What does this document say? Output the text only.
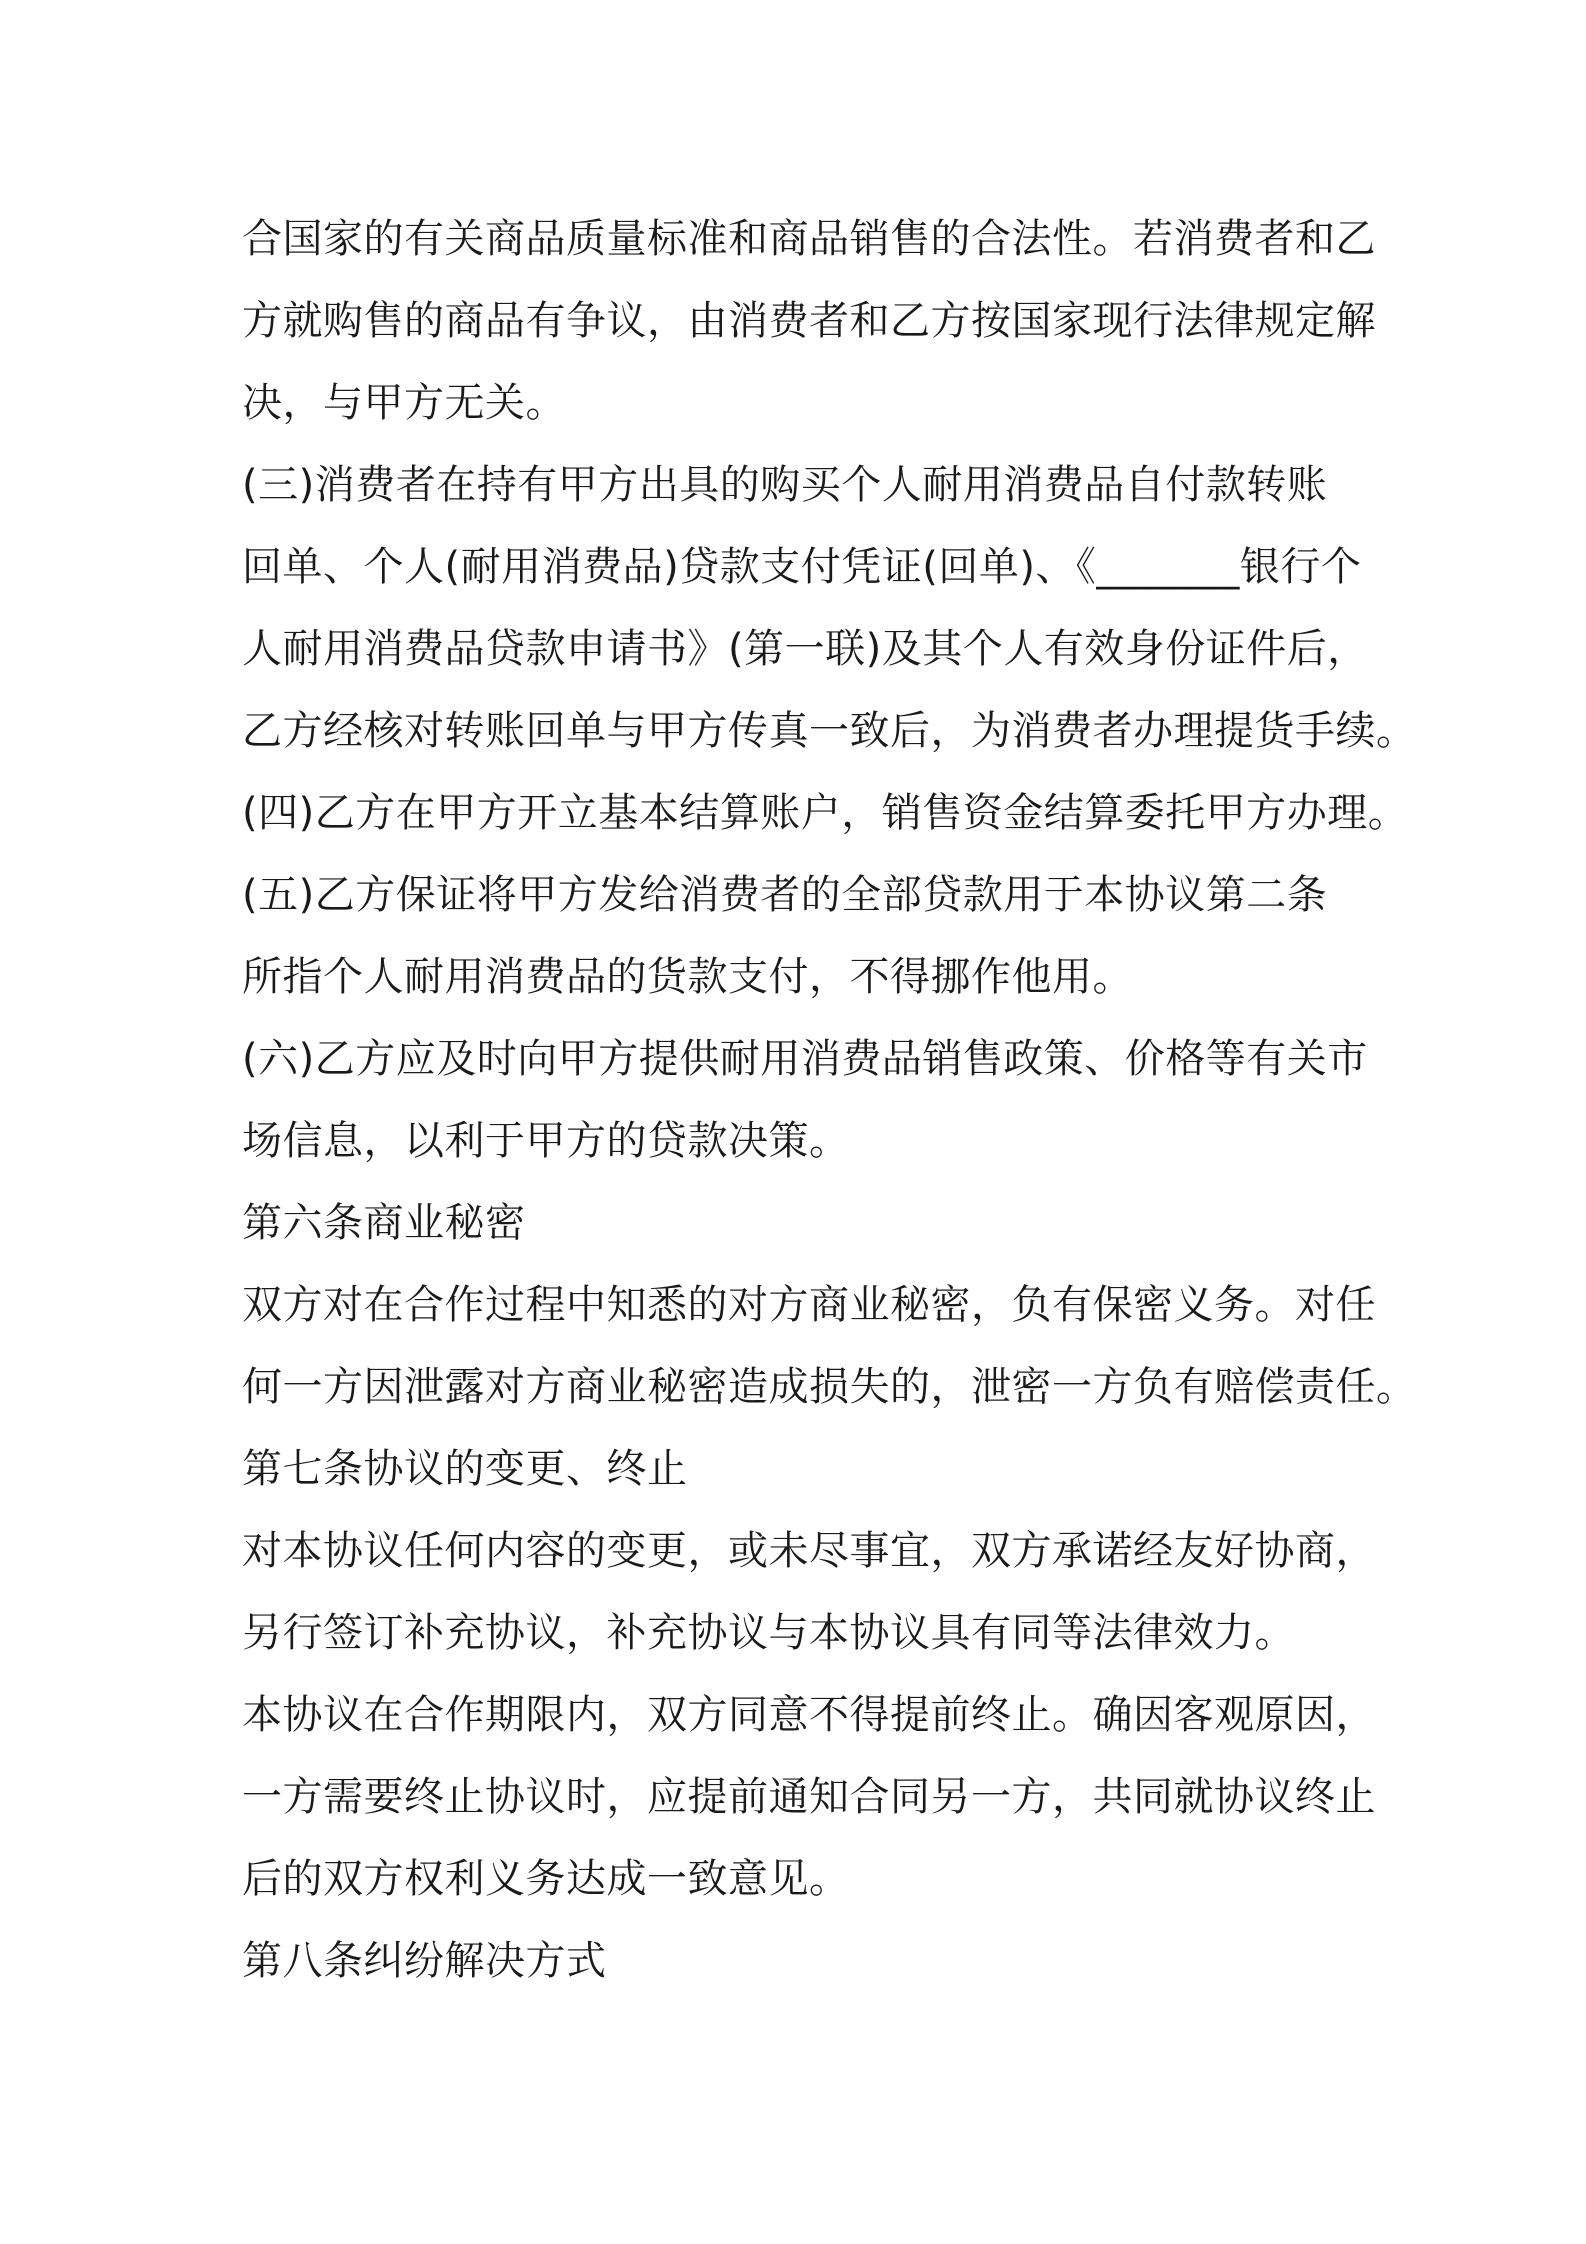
合国家的有关商品质量标准和商品销售的合法性。若消费者和乙
方就购售的商品有争议，由消费者和乙方按国家现行法律规定解
决，与甲方无关。
(三)消费者在持有甲方出具的购买个人耐用消费品自付款转账
回单、个人(耐用消费品)贷款支付凭证(回单)、《_______银行个
人耐用消费品贷款申请书》(第一联)及其个人有效身份证件后，
乙方经核对转账回单与甲方传真一致后，为消费者办理提货手续。
(四)乙方在甲方开立基本结算账户，销售资金结算委托甲方办理。
(五)乙方保证将甲方发给消费者的全部贷款用于本协议第二条
所指个人耐用消费品的货款支付，不得挪作他用。
(六)乙方应及时向甲方提供耐用消费品销售政策、价格等有关市
场信息，以利于甲方的贷款决策。
第六条商业秘密
双方对在合作过程中知悉的对方商业秘密，负有保密义务。对任
何一方因泄露对方商业秘密造成损失的，泄密一方负有赔偿责任。
第七条协议的变更、终止
对本协议任何内容的变更，或未尽事宜，双方承诺经友好协商，
另行签订补充协议，补充协议与本协议具有同等法律效力。
本协议在合作期限内，双方同意不得提前终止。确因客观原因，
一方需要终止协议时，应提前通知合同另一方，共同就协议终止
后的双方权利义务达成一致意见。
第八条纠纷解决方式
